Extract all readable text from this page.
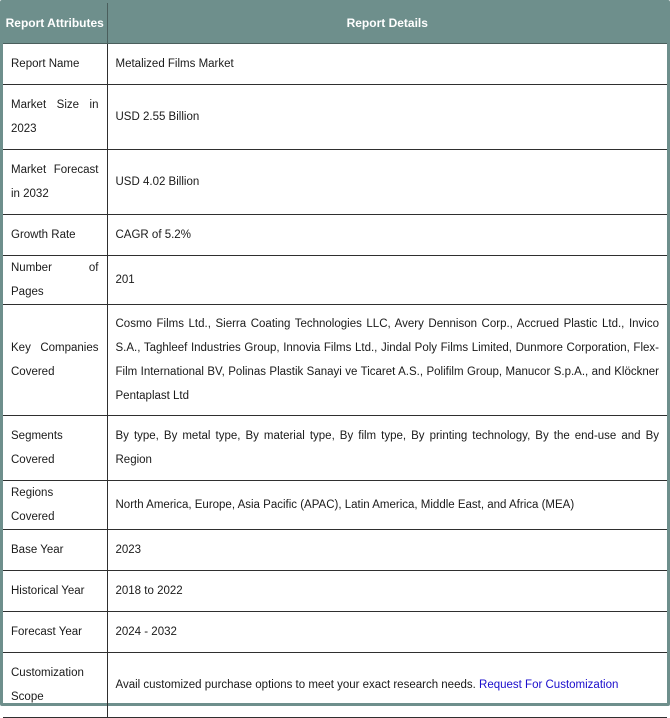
Report Attributes	Report Details
Report Name	Metalized Films Market
Market Size in 2023	USD 2.55 Billion
Market Forecast in 2032	USD 4.02 Billion
Growth Rate	CAGR of 5.2%
Number of Pages	201
Key Companies Covered	Cosmo Films Ltd., Sierra Coating Technologies LLC, Avery Dennison Corp., Accrued Plastic Ltd., Invico S.A., Taghleef Industries Group, Innovia Films Ltd., Jindal Poly Films Limited, Dunmore Corporation, Flex-Film International BV, Polinas Plastik Sanayi ve Ticaret A.S., Polifilm Group, Manucor S.p.A., and Klöckner Pentaplast Ltd
Segments Covered	By type, By metal type, By material type, By film type, By printing technology, By the end-use and By Region
Regions Covered	North America, Europe, Asia Pacific (APAC), Latin America, Middle East, and Africa (MEA)
Base Year	2023
Historical Year	2018 to 2022
Forecast Year	2024 - 2032
Customization Scope	Avail customized purchase options to meet your exact research needs. Request For Customization
